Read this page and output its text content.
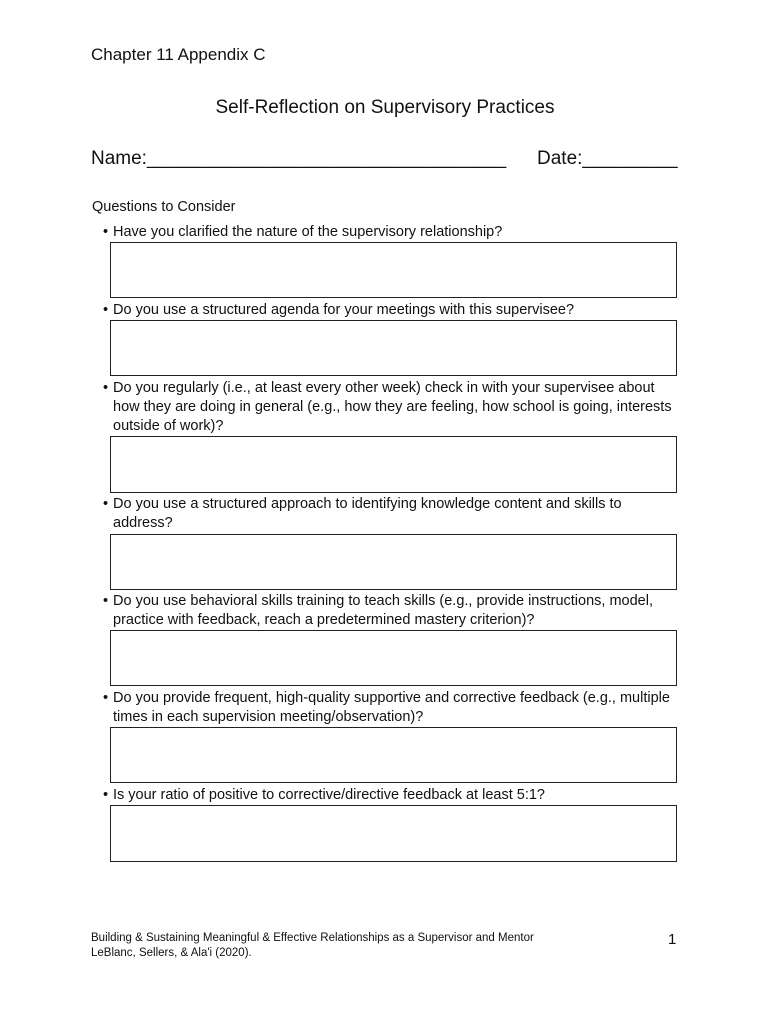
Chapter 11 Appendix C
Self-Reflection on Supervisory Practices
Name:__________________________________ Date:_________
Questions to Consider
• Have you clarified the nature of the supervisory relationship?
• Do you use a structured agenda for your meetings with this supervisee?
• Do you regularly (i.e., at least every other week) check in with your supervisee about how they are doing in general (e.g., how they are feeling, how school is going, interests outside of work)?
• Do you use a structured approach to identifying knowledge content and skills to address?
• Do you use behavioral skills training to teach skills (e.g., provide instructions, model, practice with feedback, reach a predetermined mastery criterion)?
• Do you provide frequent, high-quality supportive and corrective feedback (e.g., multiple times in each supervision meeting/observation)?
• Is your ratio of positive to corrective/directive feedback at least 5:1?
Building & Sustaining Meaningful & Effective Relationships as a Supervisor and Mentor
LeBlanc, Sellers, & Ala'i (2020).
1
